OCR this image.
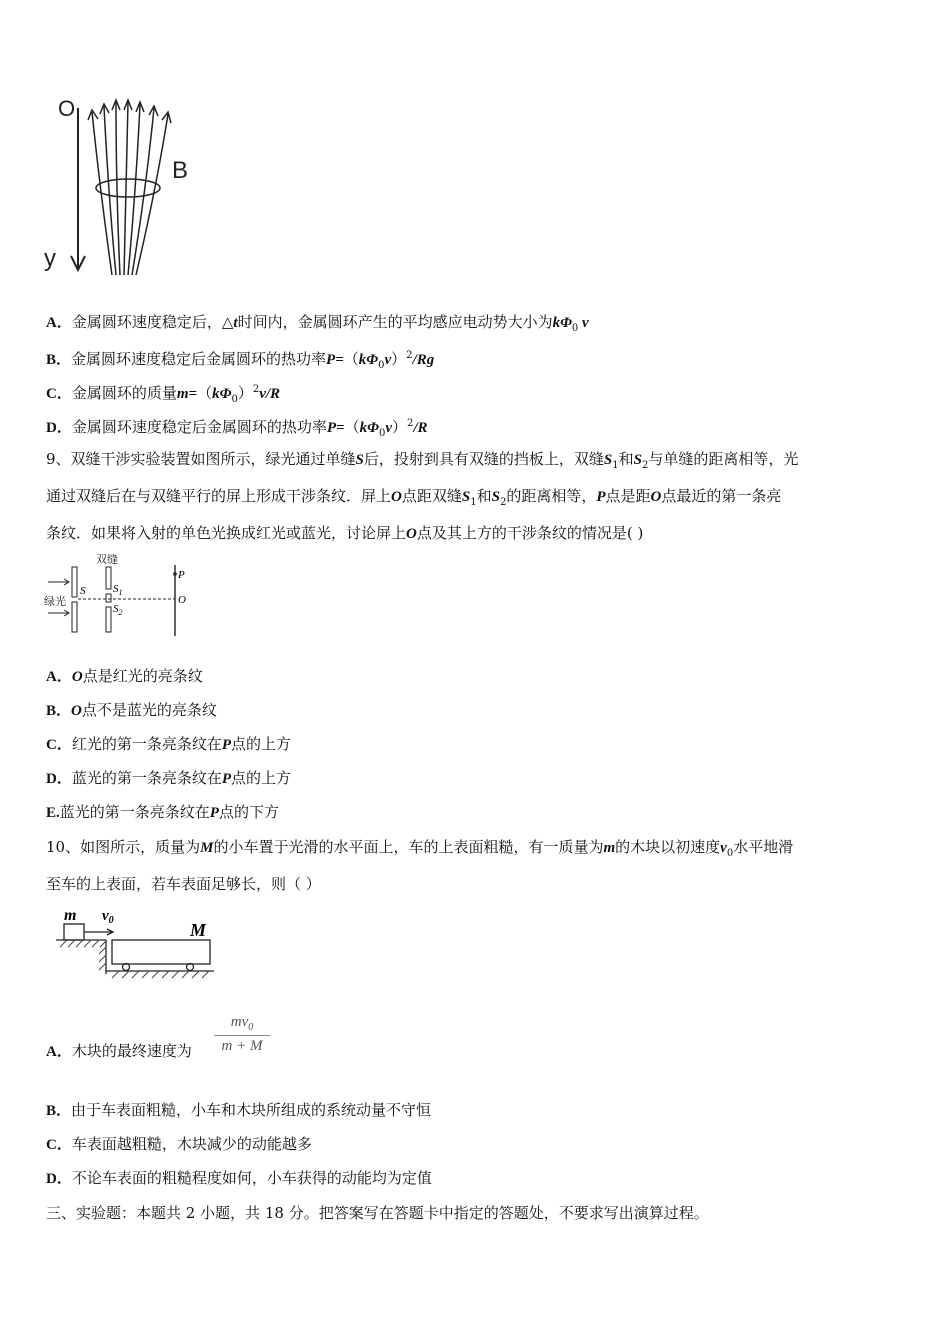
O
y
B
A．金属圆环速度稳定后，△t时间内，金属圆环产生的平均感应电动势大小为$k\Phi_0$ v
B．金属圆环速度稳定后金属圆环的热功率$P=(k\Phi_0v)^2/Rg$
C．金属圆环的质量$m=(k\Phi_0)^2v/R$
D．金属圆环速度稳定后金属圆环的热功率$P=(k\Phi_0v)^2/R$
9、双缝干涉实验装置如图所示，绿光通过单缝S后，投射到具有双缝的挡板上，双缝$S_1$和$S_2$与单缝的距离相等，光
通过双缝后在与双缝平行的屏上形成干涉条纹．屏上O点距双缝$S_1$和$S_2$的距离相等，P点是距O点最近的第一条亮
条纹．如果将入射的单色光换成红光或蓝光，讨论屏上O点及其上方的干涉条纹的情况是( )
双缝
绿光
S	$S_1$
$S_2$
P
O
A．O点是红光的亮条纹
B．O点不是蓝光的亮条纹
C．红光的第一条亮条纹在P点的上方
D．蓝光的第一条亮条纹在P点的上方
E.蓝光的第一条亮条纹在P点的下方
10、如图所示，质量为M的小车置于光滑的水平面上，车的上表面粗糙，有一质量为m的木块以初速度$v_0$水平地滑
至车的上表面，若车表面足够长，则（ ）
m $v_0$	M
A．木块的最终速度为 $\frac{mv_0}{m + M}$
B．由于车表面粗糙，小车和木块所组成的系统动量不守恒
C．车表面越粗糙，木块减少的动能越多
D．不论车表面的粗糙程度如何，小车获得的动能均为定值
三、实验题：本题共 2 小题，共 18 分。把答案写在答题卡中指定的答题处，不要求写出演算过程。
